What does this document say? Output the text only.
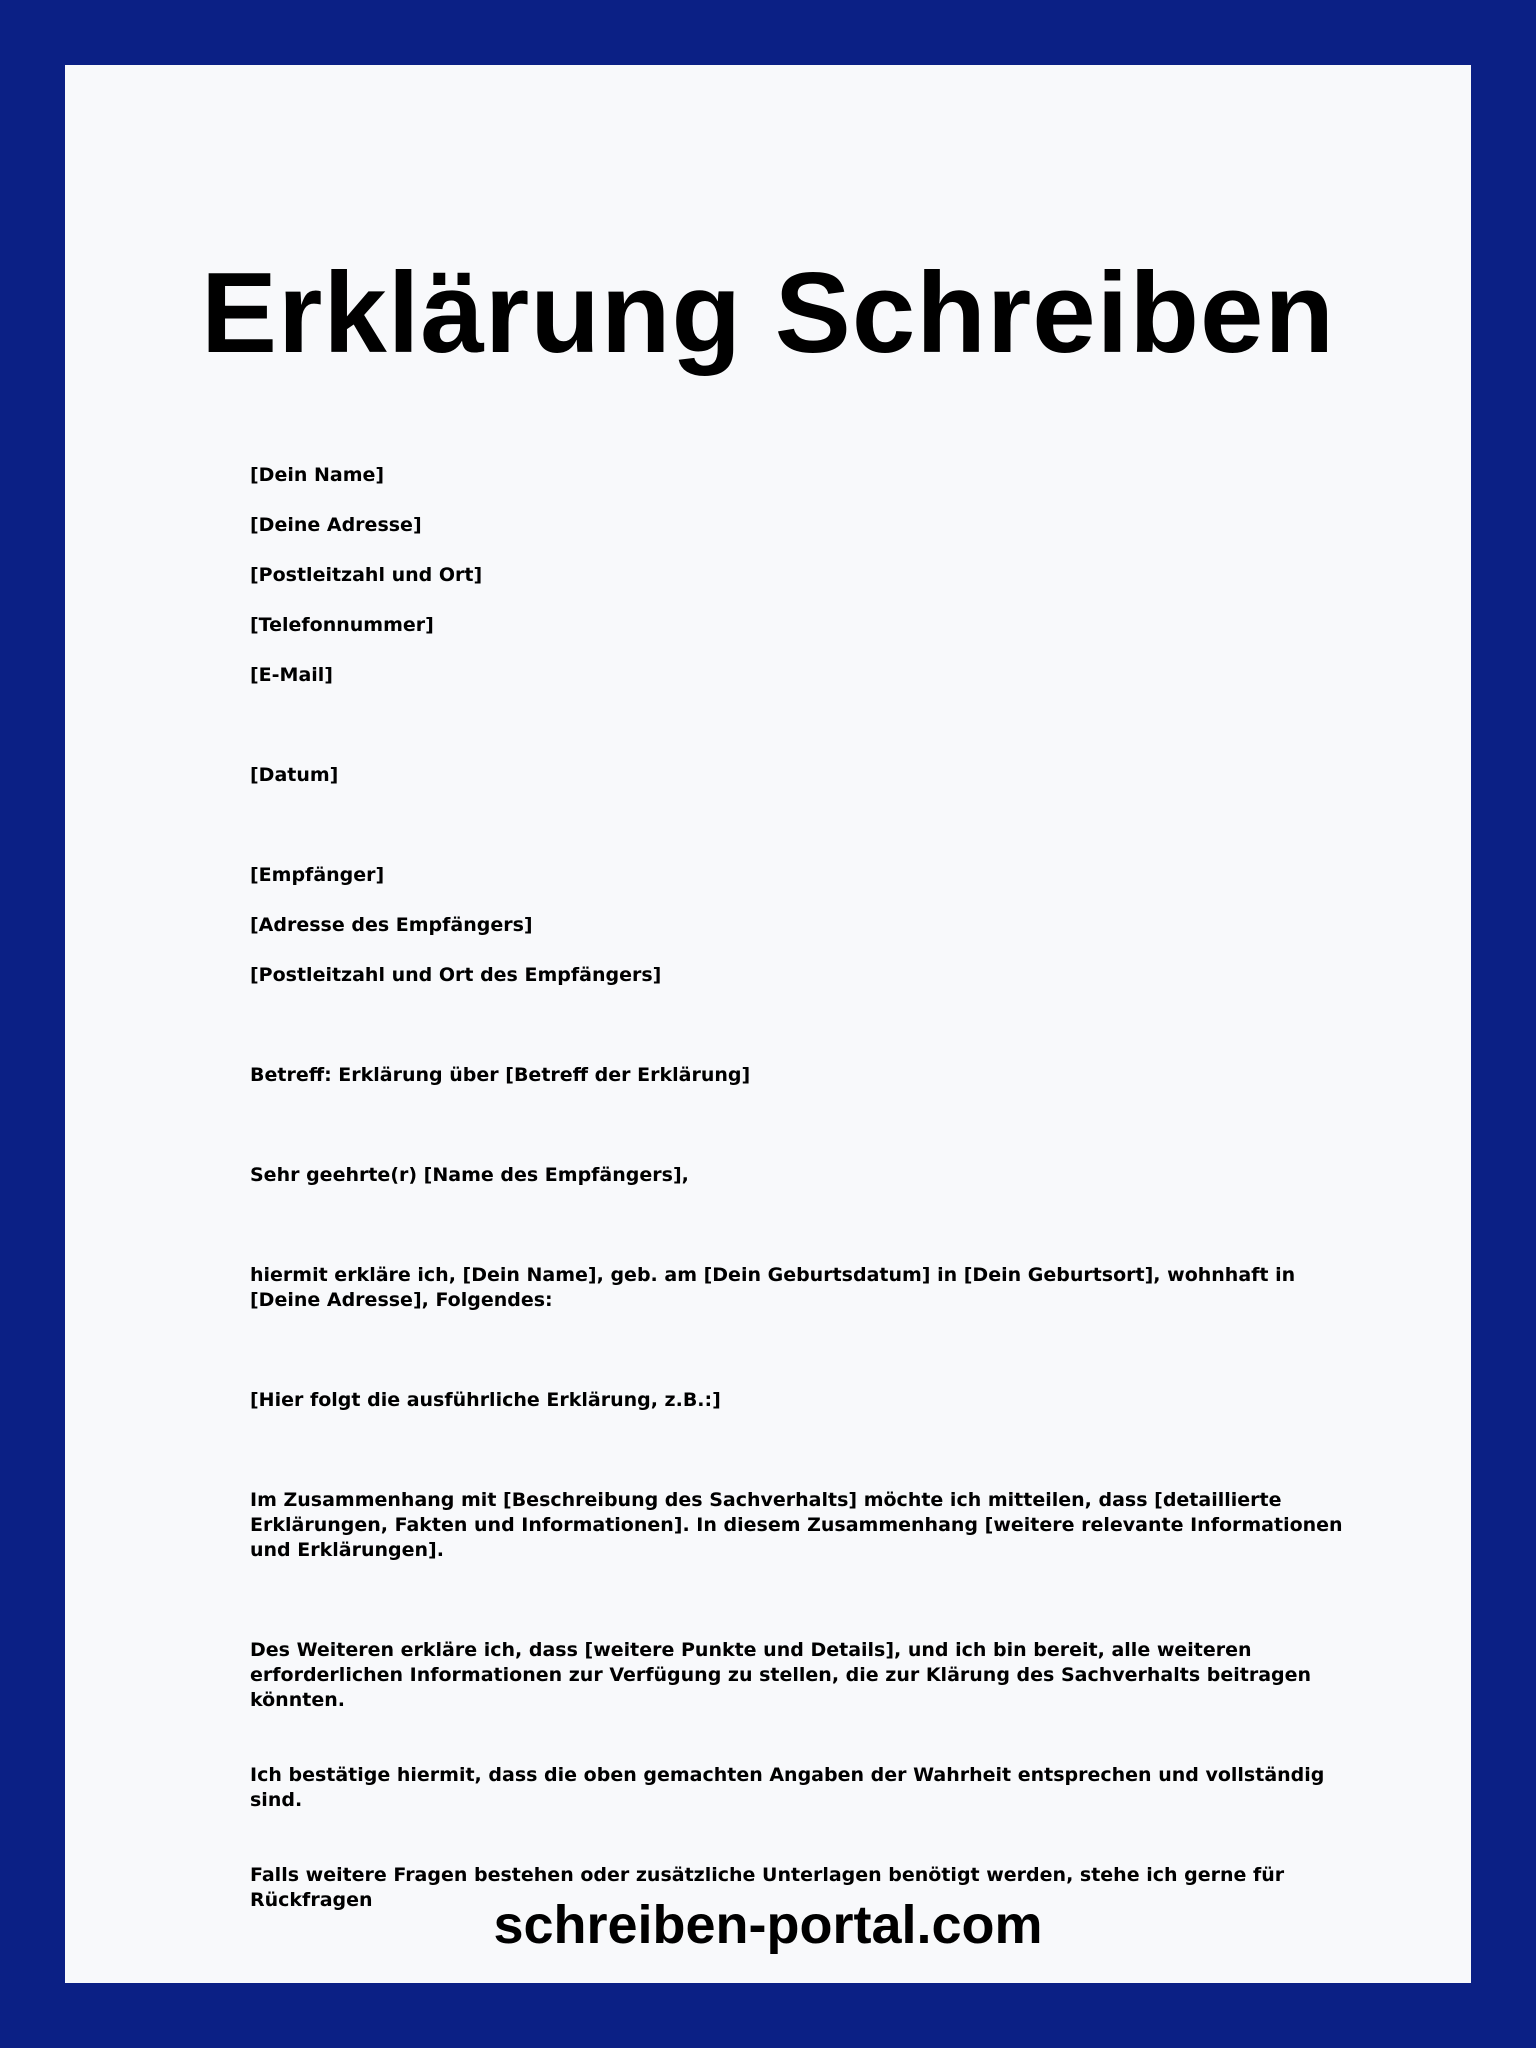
Erklärung Schreiben

[Dein Name]

[Deine Adresse]

[Postleitzahl und Ort]

[Telefonnummer]

[E-Mail]

[Datum]

[Empfänger]

[Adresse des Empfängers]

[Postleitzahl und Ort des Empfängers]

Betreff: Erklärung über [Betreff der Erklärung]

Sehr geehrte(r) [Name des Empfängers],

hiermit erkläre ich, [Dein Name], geb. am [Dein Geburtsdatum] in [Dein Geburtsort], wohnhaft in [Deine Adresse], Folgendes:

[Hier folgt die ausführliche Erklärung, z.B.:]

Im Zusammenhang mit [Beschreibung des Sachverhalts] möchte ich mitteilen, dass [detaillierte Erklärungen, Fakten und Informationen]. In diesem Zusammenhang [weitere relevante Informationen und Erklärungen].

Des Weiteren erkläre ich, dass [weitere Punkte und Details], und ich bin bereit, alle weiteren erforderlichen Informationen zur Verfügung zu stellen, die zur Klärung des Sachverhalts beitragen könnten.

Ich bestätige hiermit, dass die oben gemachten Angaben der Wahrheit entsprechen und vollständig sind.

Falls weitere Fragen bestehen oder zusätzliche Unterlagen benötigt werden, stehe ich gerne für Rückfragen	schreiben-portal.com
